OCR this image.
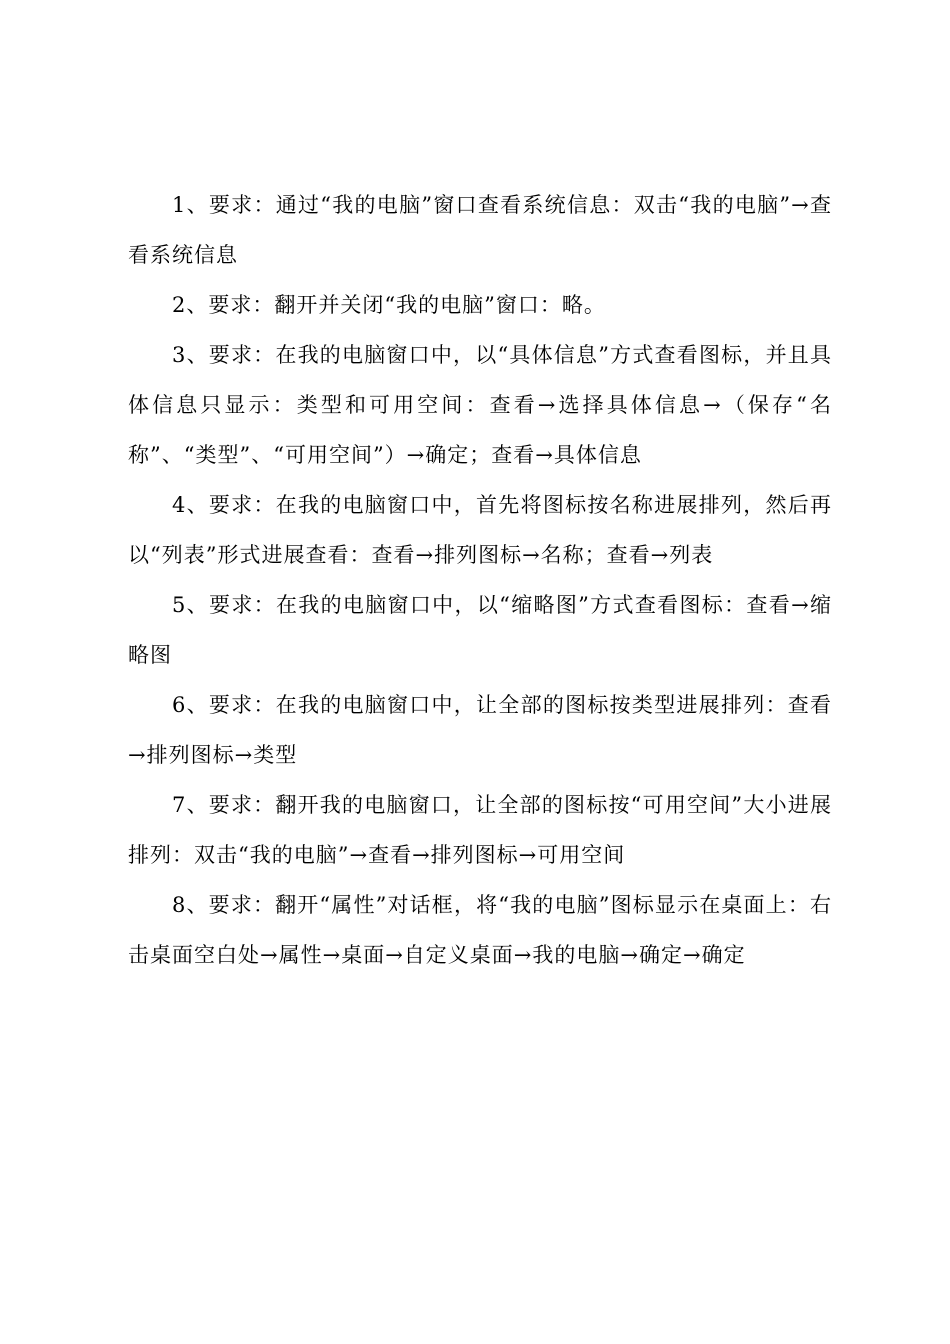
1、要求：通过“我的电脑”窗口查看系统信息：双击“我的电脑”→查看系统信息

2、要求：翻开并关闭“我的电脑”窗口：略。

3、要求：在我的电脑窗口中，以“具体信息”方式查看图标，并且具体信息只显示：类型和可用空间：查看→选择具体信息→（保存“名称”、“类型”、“可用空间”）→确定；查看→具体信息

4、要求：在我的电脑窗口中，首先将图标按名称进展排列，然后再以“列表”形式进展查看：查看→排列图标→名称；查看→列表

5、要求：在我的电脑窗口中，以“缩略图”方式查看图标：查看→缩略图

6、要求：在我的电脑窗口中，让全部的图标按类型进展排列：查看→排列图标→类型

7、要求：翻开我的电脑窗口，让全部的图标按“可用空间”大小进展排列：双击“我的电脑”→查看→排列图标→可用空间

8、要求：翻开“属性”对话框，将“我的电脑”图标显示在桌面上：右击桌面空白处→属性→桌面→自定义桌面→我的电脑→确定→确定
